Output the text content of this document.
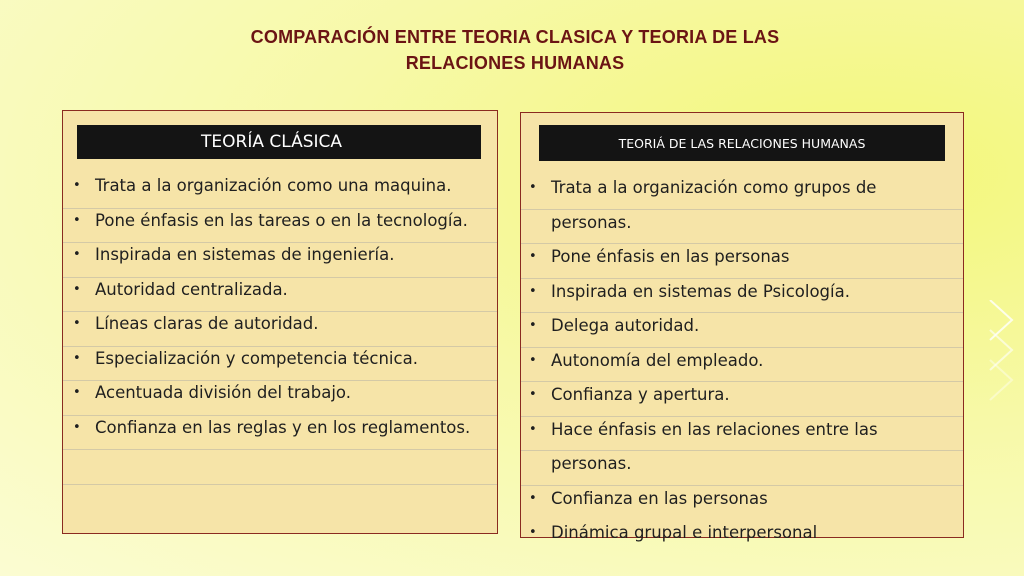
COMPARACIÓN ENTRE TEORIA CLASICA Y TEORIA DE LAS RELACIONES HUMANAS
TEORÍA CLÁSICA
• Trata a la organización como una maquina.
• Pone énfasis en las tareas o en la tecnología.
• Inspirada en sistemas de ingeniería.
• Autoridad centralizada.
• Líneas claras de autoridad.
• Especialización y competencia técnica.
• Acentuada división del trabajo.
• Confianza en las reglas y en los reglamentos.
TEORIÁ DE LAS RELACIONES HUMANAS
• Trata a la organización como grupos de personas.
• Pone énfasis en las personas
• Inspirada en sistemas de Psicología.
• Delega autoridad.
• Autonomía del empleado.
• Confianza y apertura.
• Hace énfasis en las relaciones entre las personas.
• Confianza en las personas
• Dinámica grupal e interpersonal
